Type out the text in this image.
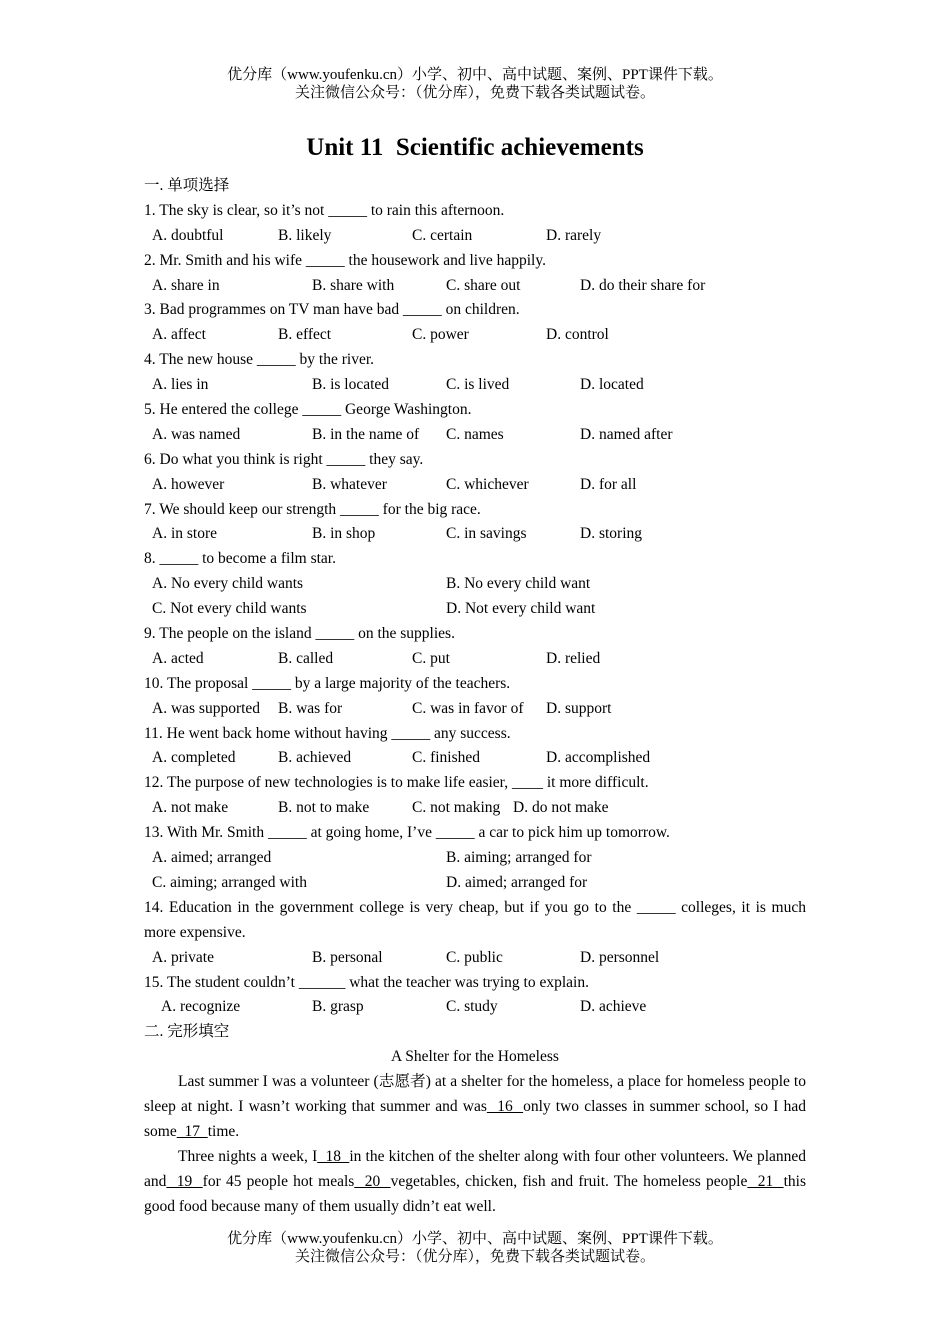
优分库（www.youfenku.cn）小学、初中、高中试题、案例、PPT课件下载。
关注微信公众号：（优分库），免费下载各类试题试卷。
Unit 11  Scientific achievements
一. 单项选择
1. The sky is clear, so it’s not _____ to rain this afternoon.
A. doubtful	B. likely	C. certain	D. rarely
2. Mr. Smith and his wife _____ the housework and live happily.
A. share in	B. share with	C. share out	D. do their share for
3. Bad programmes on TV man have bad _____ on children.
A. affect	B. effect	C. power	D. control
4. The new house _____ by the river.
A. lies in	B. is located	C. is lived	D. located
5. He entered the college _____ George Washington.
A. was named	B. in the name of C. names	D. named after
6. Do what you think is right _____ they say.
A. however	B. whatever	C. whichever	D. for all
7. We should keep our strength _____ for the big race.
A. in store	B. in shop	C. in savings	D. storing
8. _____ to become a film star.
A. No every child wants	B. No every child want
C. Not every child wants	D. Not every child want
9. The people on the island _____ on the supplies.
A. acted	B. called	C. put	D. relied
10. The proposal _____ by a large majority of the teachers.
A. was supported B. was for	C. was in favor of D. support
11. He went back home without having _____ any success.
A. completed	B. achieved	C. finished	D. accomplished
12. The purpose of new technologies is to make life easier, ____ it more difficult.
A. not make	B. not to make	C. not making D. do not make
13. With Mr. Smith _____ at going home, I’ve _____ a car to pick him up tomorrow.
A. aimed; arranged	B. aiming; arranged for
C. aiming; arranged with	D. aimed; arranged for

14. Education in the government college is very cheap, but if you go to the _____ colleges, it is much more expensive.

A. private	B. personal	C. public	D. personnel
15. The student couldn’t ______ what the teacher was trying to explain.
A. recognize	B. grasp	C. study	D. achieve
二. 完形填空
A Shelter for the Homeless

Last summer I was a volunteer (志愿者) at a shelter for the homeless, a place for homeless people to sleep at night. I wasn’t working that summer and was  16  only two classes in summer school, so I had some  17  time.

Three nights a week, I  18  in the kitchen of the shelter along with four other volunteers. We planned and  19  for 45 people hot meals  20  vegetables, chicken, fish and fruit. The homeless people  21  this good food because many of them usually didn’t eat well.

优分库（www.youfenku.cn）小学、初中、高中试题、案例、PPT课件下载。
关注微信公众号：（优分库），免费下载各类试题试卷。
